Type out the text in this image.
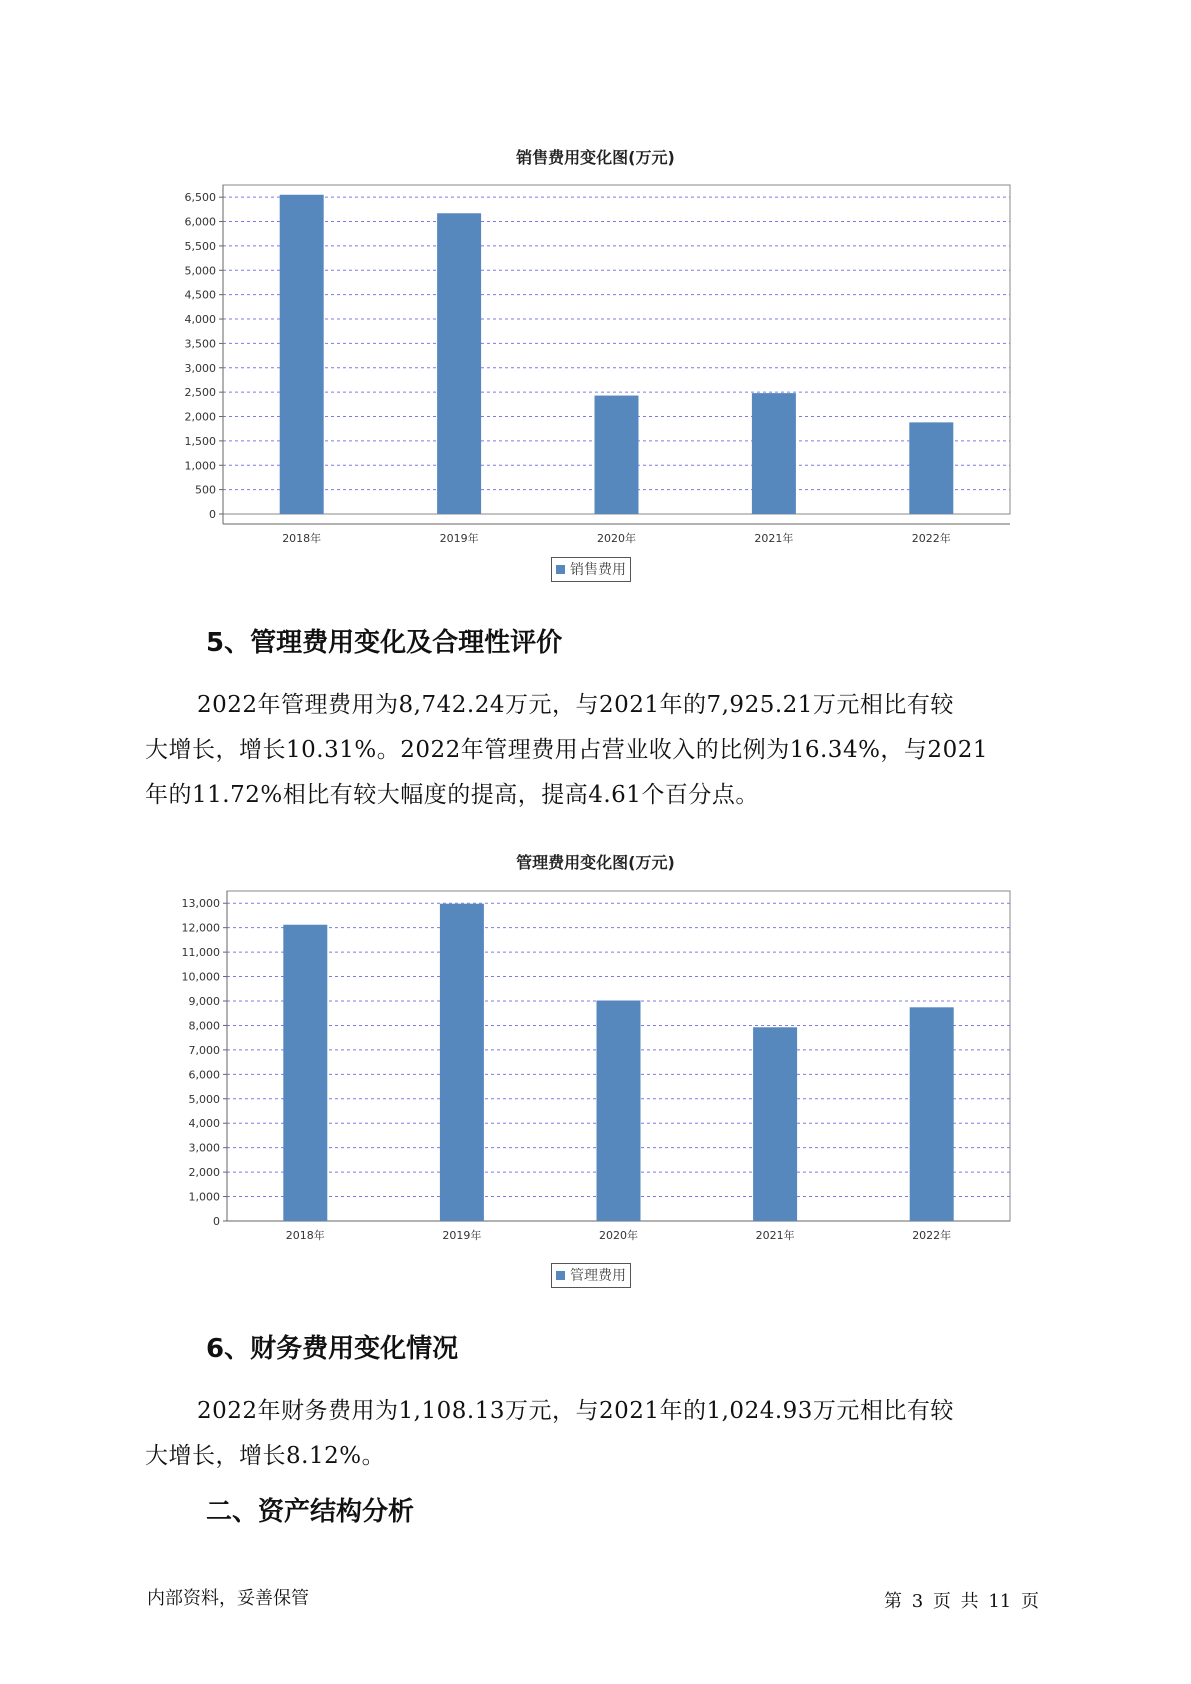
销售费用变化图(万元)
0
500
1,000
1,500
2,000
2,500
3,000
3,500
4,000
4,500
5,000
5,500
6,000
6,500
2018年	2019年	2020年	2021年	2022年
销售费用
5、管理费用变化及合理性评价
2022年管理费用为8,742.24万元，与2021年的7,925.21万元相比有较
大增长，增长10.31%。2022年管理费用占营业收入的比例为16.34%，与2021
年的11.72%相比有较大幅度的提高，提高4.61个百分点。
管理费用变化图(万元)
0
1,000
2,000
3,000
4,000
5,000
6,000
7,000
8,000
9,000
10,000
11,000
12,000
13,000
2018年	2019年	2020年	2021年	2022年
管理费用
6、财务费用变化情况
2022年财务费用为1,108.13万元，与2021年的1,024.93万元相比有较
大增长，增长8.12%。
二、资产结构分析
内部资料，妥善保管	第 3 页 共 11 页
